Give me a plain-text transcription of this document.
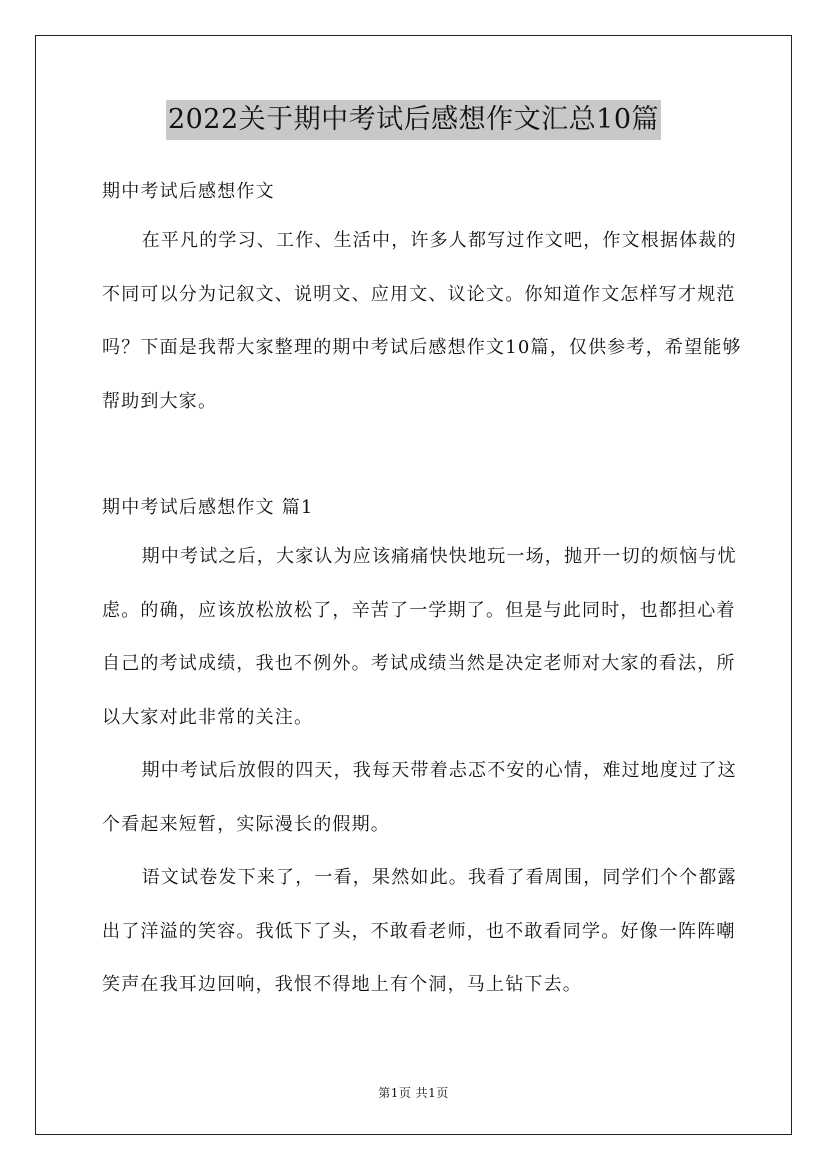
2022关于期中考试后感想作文汇总10篇

期中考试后感想作文

在平凡的学习、工作、生活中，许多人都写过作文吧，作文根据体裁的不同可以分为记叙文、说明文、应用文、议论文。你知道作文怎样写才规范吗？下面是我帮大家整理的期中考试后感想作文10篇，仅供参考，希望能够帮助到大家。

期中考试后感想作文 篇1

期中考试之后，大家认为应该痛痛快快地玩一场，抛开一切的烦恼与忧虑。的确，应该放松放松了，辛苦了一学期了。但是与此同时，也都担心着自己的考试成绩，我也不例外。考试成绩当然是决定老师对大家的看法，所以大家对此非常的关注。

期中考试后放假的四天，我每天带着忐忑不安的心情，难过地度过了这个看起来短暂，实际漫长的假期。

语文试卷发下来了，一看，果然如此。我看了看周围，同学们个个都露出了洋溢的笑容。我低下了头，不敢看老师，也不敢看同学。好像一阵阵嘲笑声在我耳边回响，我恨不得地上有个洞，马上钻下去。

第1页 共1页
